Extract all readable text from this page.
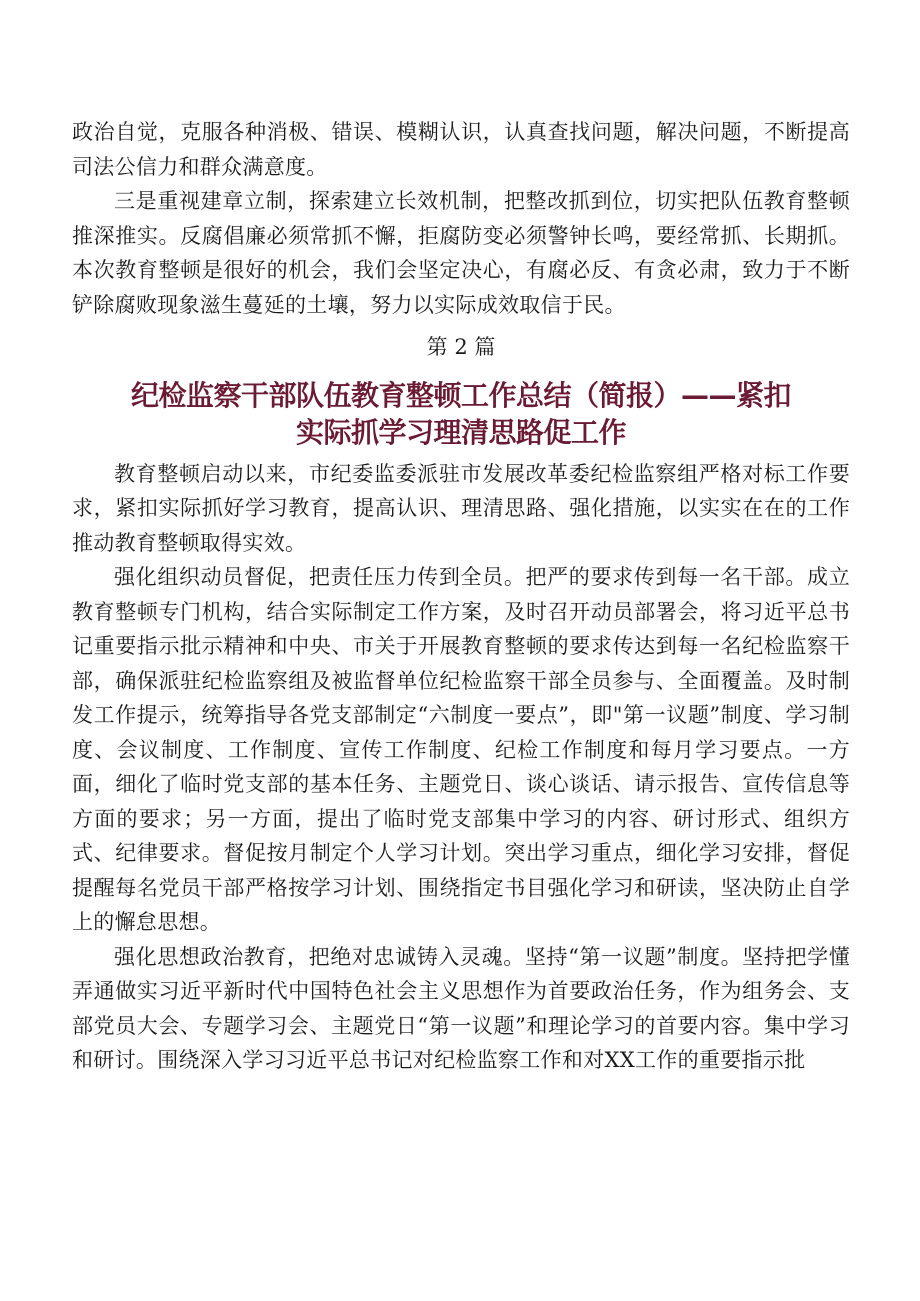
政治自觉，克服各种消极、错误、模糊认识，认真查找问题，解决问题，不断提高司法公信力和群众满意度。

三是重视建章立制，探索建立长效机制，把整改抓到位，切实把队伍教育整顿推深推实。反腐倡廉必须常抓不懈，拒腐防变必须警钟长鸣，要经常抓、长期抓。本次教育整顿是很好的机会，我们会坚定决心，有腐必反、有贪必肃，致力于不断铲除腐败现象滋生蔓延的土壤，努力以实际成效取信于民。

第 2 篇

纪检监察干部队伍教育整顿工作总结（简报）——紧扣
实际抓学习理清思路促工作

教育整顿启动以来，市纪委监委派驻市发展改革委纪检监察组严格对标工作要求，紧扣实际抓好学习教育，提高认识、理清思路、强化措施，以实实在在的工作推动教育整顿取得实效。

强化组织动员督促，把责任压力传到全员。把严的要求传到每一名干部。成立教育整顿专门机构，结合实际制定工作方案，及时召开动员部署会，将习近平总书记重要指示批示精神和中央、市关于开展教育整顿的要求传达到每一名纪检监察干部，确保派驻纪检监察组及被监督单位纪检监察干部全员参与、全面覆盖。及时制发工作提示，统筹指导各党支部制定“六制度一要点”，即"第一议题”制度、学习制度、会议制度、工作制度、宣传工作制度、纪检工作制度和每月学习要点。一方面，细化了临时党支部的基本任务、主题党日、谈心谈话、请示报告、宣传信息等方面的要求；另一方面，提出了临时党支部集中学习的内容、研讨形式、组织方式、纪律要求。督促按月制定个人学习计划。突出学习重点，细化学习安排，督促提醒每名党员干部严格按学习计划、围绕指定书目强化学习和研读，坚决防止自学上的懈怠思想。

强化思想政治教育，把绝对忠诚铸入灵魂。坚持“第一议题”制度。坚持把学懂弄通做实习近平新时代中国特色社会主义思想作为首要政治任务，作为组务会、支部党员大会、专题学习会、主题党日“第一议题”和理论学习的首要内容。集中学习和研讨。围绕深入学习习近平总书记对纪检监察工作和对XX工作的重要指示批
